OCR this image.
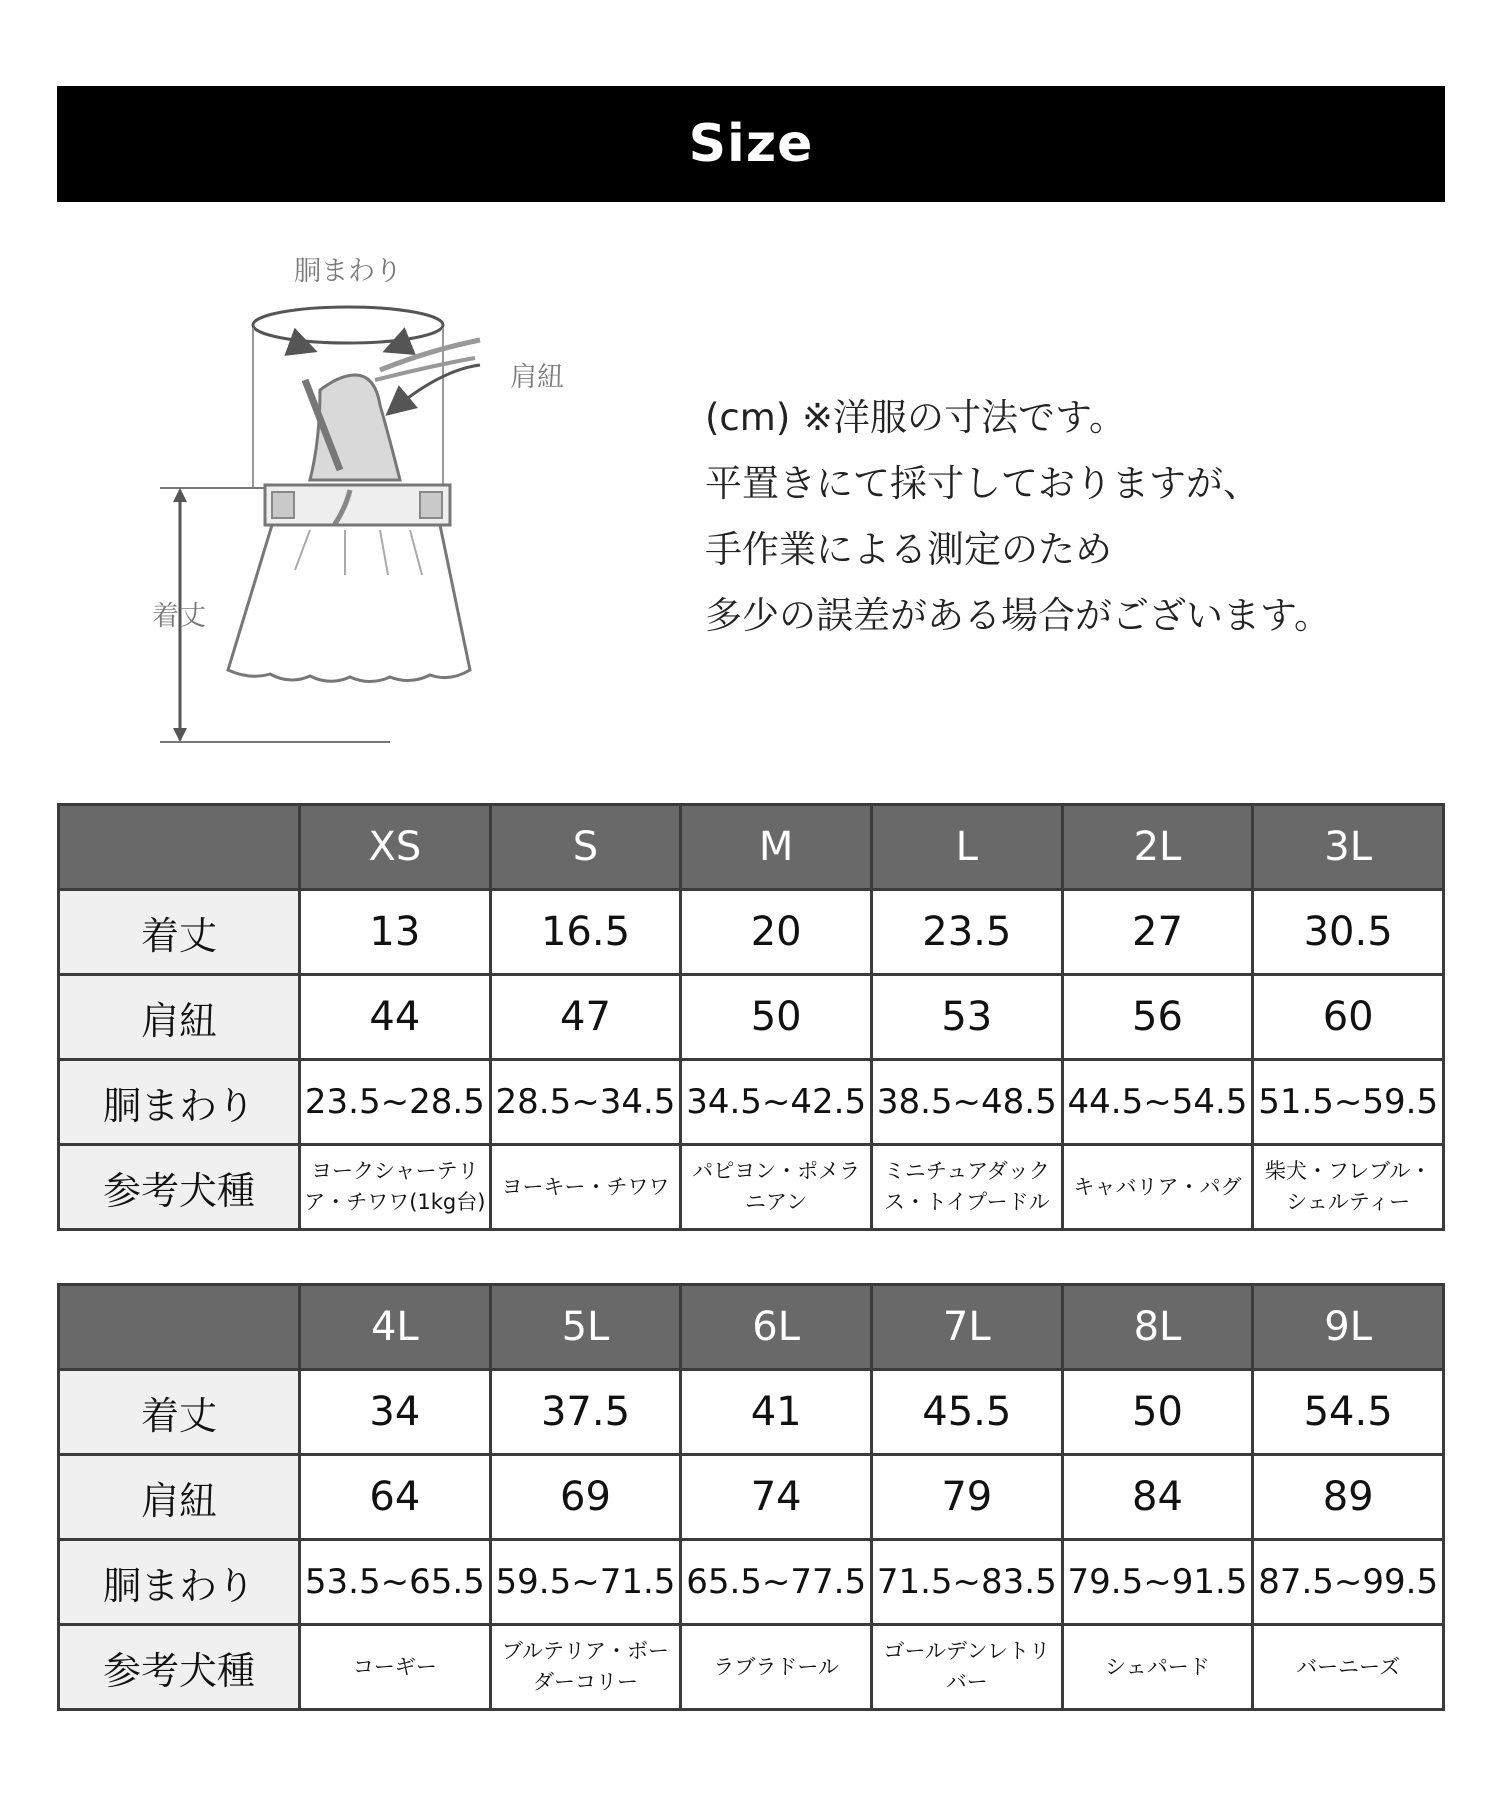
Size
胴まわり
肩紐
着丈

(cm) ※洋服の寸法です。

平置きにて採寸しておりますが、

手作業による測定のため

多少の誤差がある場合がございます。

	XS	S	M	L	2L	3L
着丈	13	16.5	20	23.5	27	30.5
肩紐	44	47	50	53	56	60
胴まわり	23.5~28.5	28.5~34.5	34.5~42.5	38.5~48.5	44.5~54.5	51.5~59.5
参考犬種	ヨークシャーテリア・チワワ(1kg台)	ヨーキー・チワワ	パピヨン・ポメラニアン	ミニチュアダックス・トイプードル	キャバリア・パグ	柴犬・フレブル・シェルティー
	4L	5L	6L	7L	8L	9L
着丈	34	37.5	41	45.5	50	54.5
肩紐	64	69	74	79	84	89
胴まわり	53.5~65.5	59.5~71.5	65.5~77.5	71.5~83.5	79.5~91.5	87.5~99.5
参考犬種	コーギー	ブルテリア・ボーダーコリー	ラブラドール	ゴールデンレトリバー	シェパード	バーニーズ
